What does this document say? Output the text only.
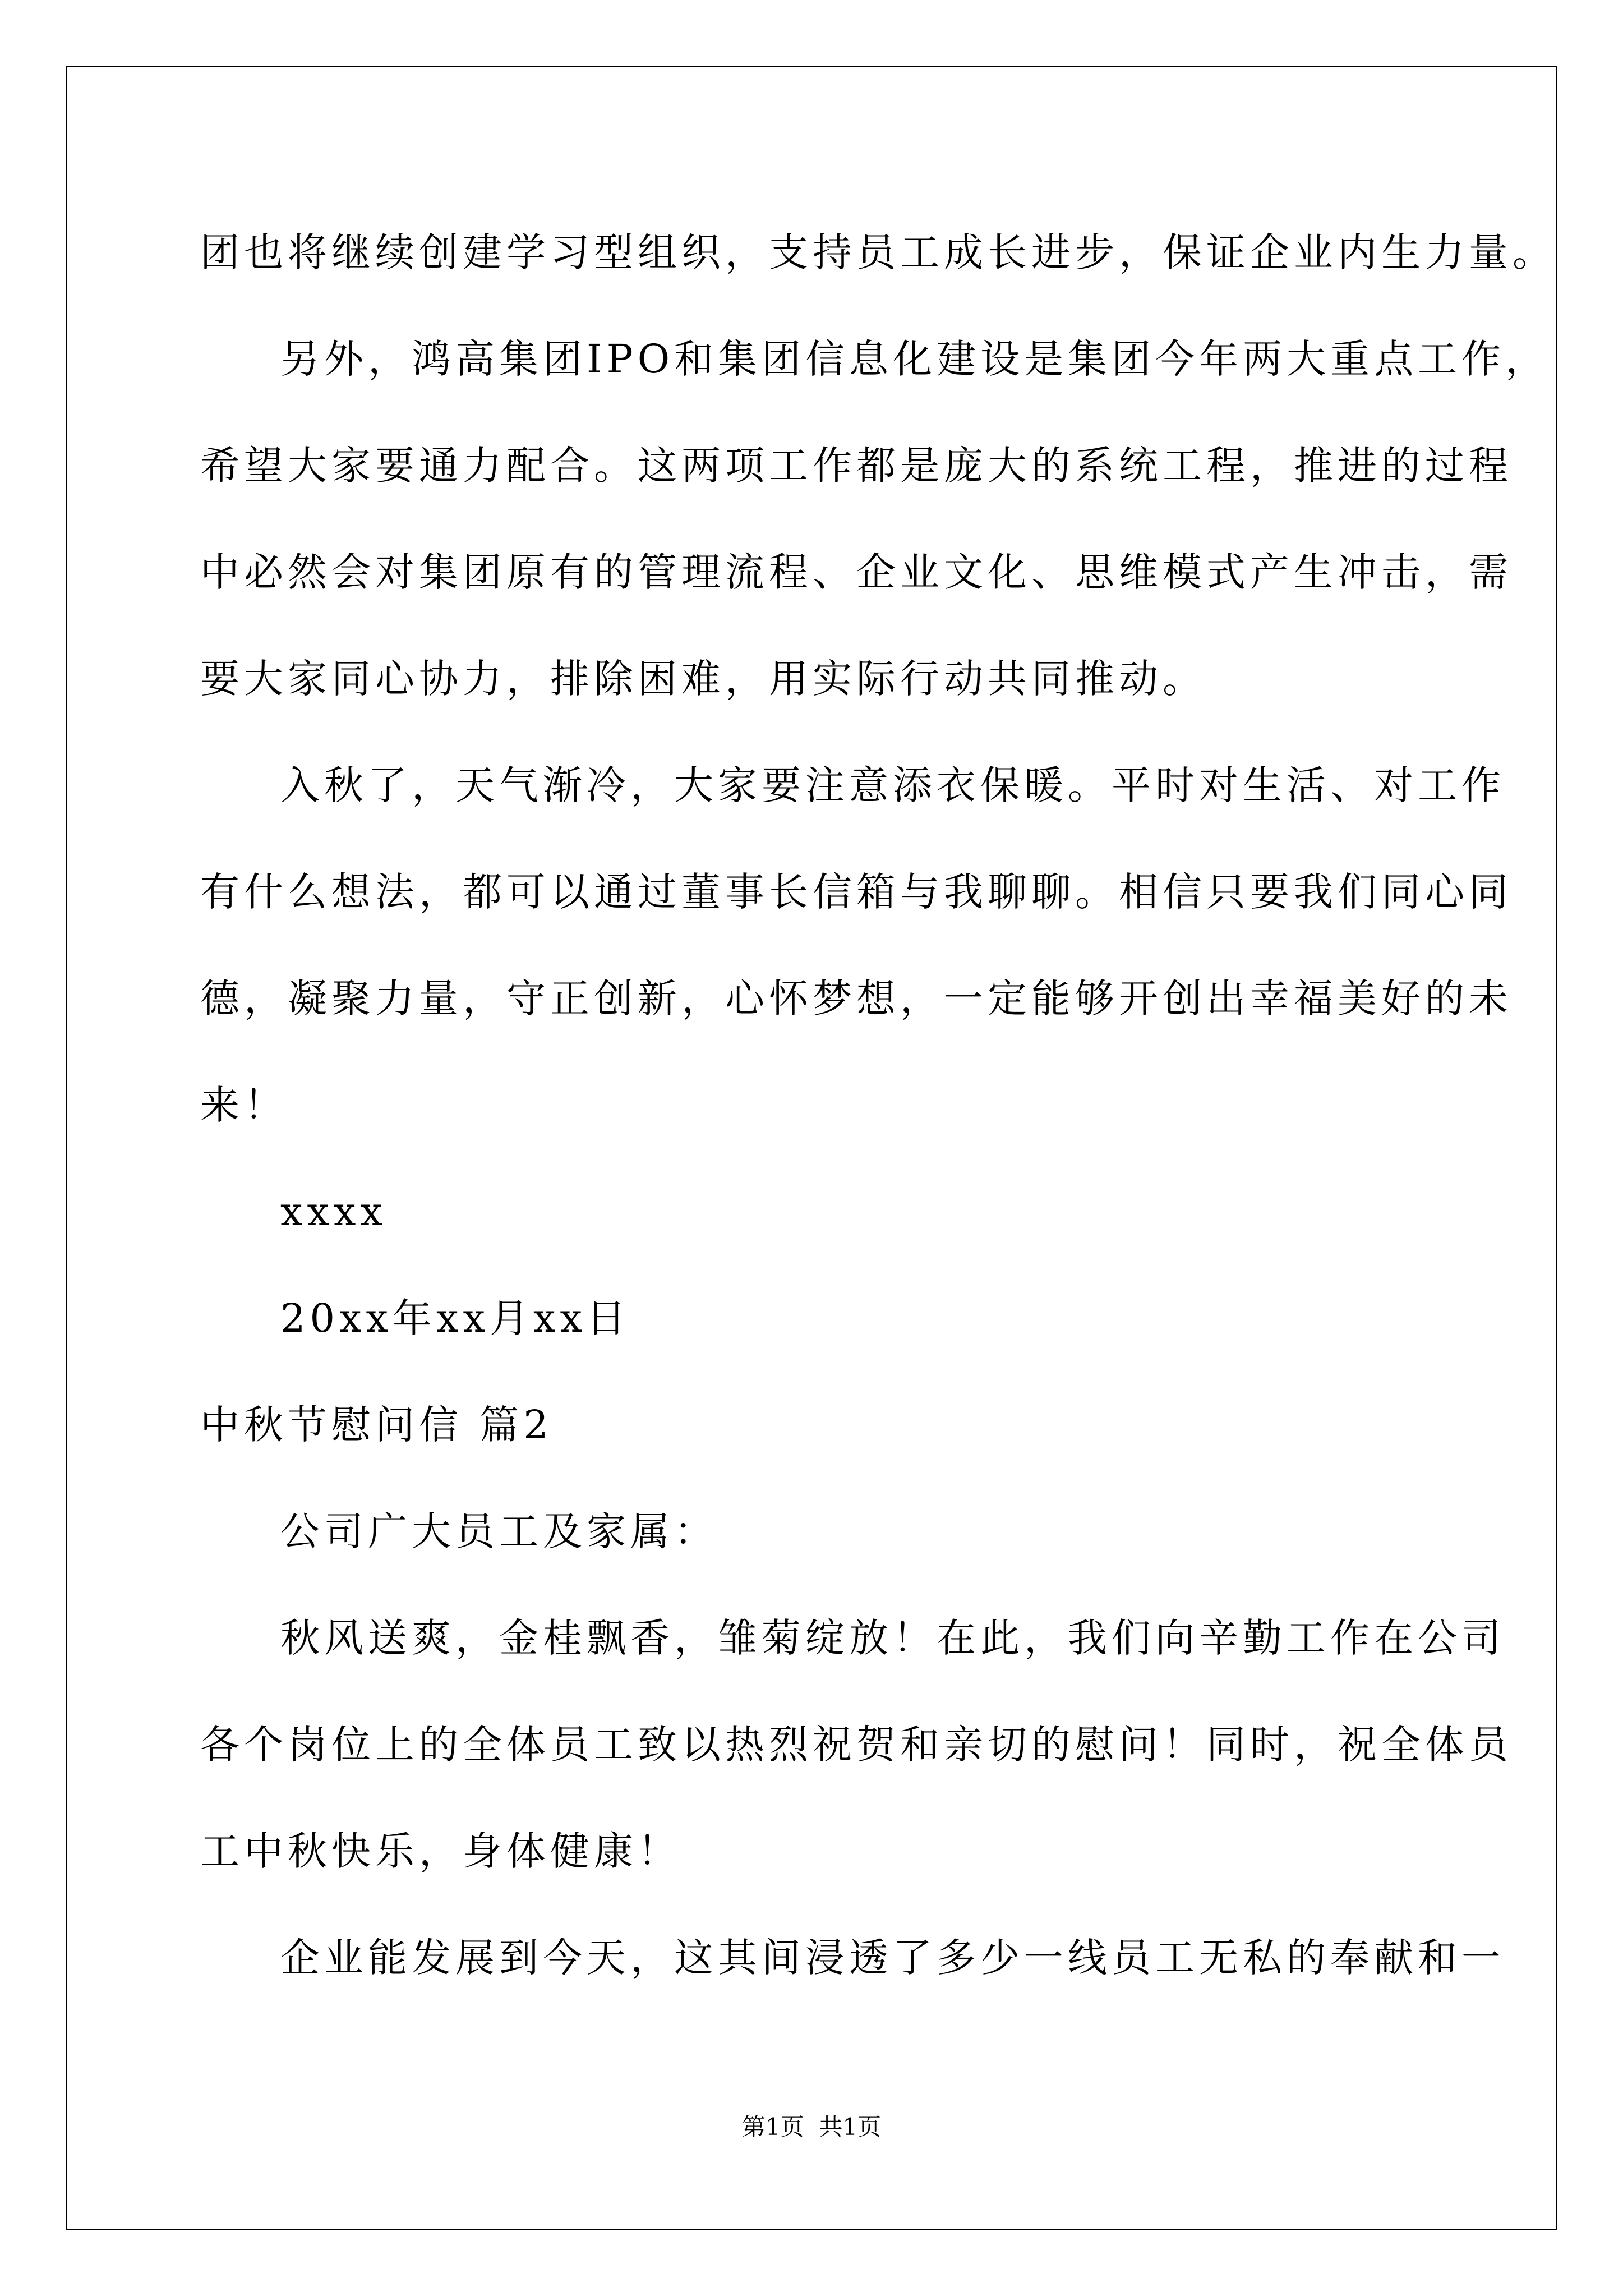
团也将继续创建学习型组织，支持员工成长进步，保证企业内生力量。
另外，鸿高集团IPO和集团信息化建设是集团今年两大重点工作，
希望大家要通力配合。这两项工作都是庞大的系统工程，推进的过程
中必然会对集团原有的管理流程、企业文化、思维模式产生冲击，需
要大家同心协力，排除困难，用实际行动共同推动。
入秋了，天气渐冷，大家要注意添衣保暖。平时对生活、对工作
有什么想法，都可以通过董事长信箱与我聊聊。相信只要我们同心同
德，凝聚力量，守正创新，心怀梦想，一定能够开创出幸福美好的未
来！
xxxx
20xx年xx月xx日
中秋节慰问信 篇2
公司广大员工及家属：
秋风送爽，金桂飘香，雏菊绽放！在此，我们向辛勤工作在公司
各个岗位上的全体员工致以热烈祝贺和亲切的慰问！同时，祝全体员
工中秋快乐，身体健康！
企业能发展到今天，这其间浸透了多少一线员工无私的奉献和一
第1页  共1页
